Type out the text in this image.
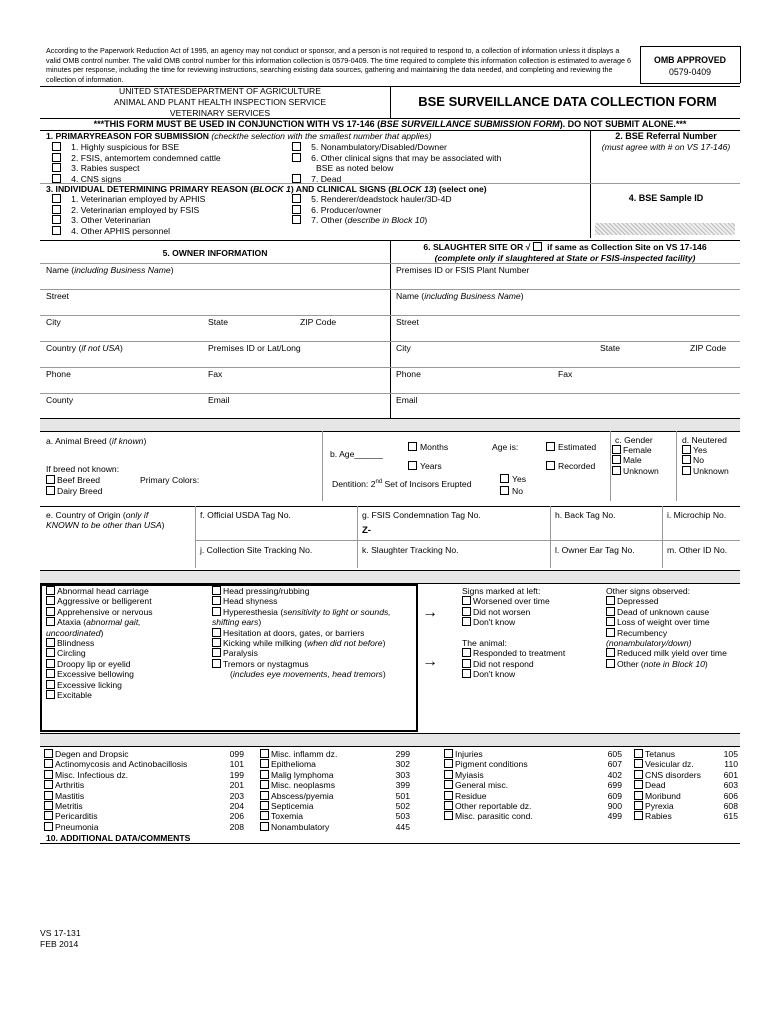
According to the Paperwork Reduction Act of 1995, an agency may not conduct or sponsor, and a person is not required to respond to, a collection of information unless it displays a valid OMB control number. The valid OMB control number for this information collection is 0579-0409. The time required to complete this information collection is estimated to average 6 minutes per response, including the time for reviewing instructions, searching existing data sources, gathering and maintaining the data needed, and completing and reviewing the collection of information.
OMB APPROVED
0579-0409
UNITED STATESDEPARTMENT OF AGRICULTURE
ANIMAL AND PLANT HEALTH INSPECTION SERVICE
VETERINARY SERVICES
BSE SURVEILLANCE DATA COLLECTION FORM
***THIS FORM MUST BE USED IN CONJUNCTION WITH VS 17-146 (BSE SURVEILLANCE SUBMISSION FORM). DO NOT SUBMIT ALONE.***
1. PRIMARYREASON FOR SUBMISSION (checkthe selection with the smallest number that applies)
1. Highly suspicious for BSE
2. FSIS, antemortem condemned cattle
3. Rabies suspect
4. CNS signs
5. Nonambulatory/Disabled/Downer
6. Other clinical signs that may be associated with
BSE as noted below
7. Dead
2. BSE Referral Number
(must agree with # on VS 17-146)
3. INDIVIDUAL DETERMINING PRIMARY REASON (BLOCK 1) AND CLINICAL SIGNS (BLOCK 13) (select one)
1. Veterinarian employed by APHIS
2. Veterinarian employed by FSIS
3. Other Veterinarian
4. Other APHIS personnel
5. Renderer/deadstock hauler/3D-4D
6. Producer/owner
7. Other (describe in Block 10)
4. BSE Sample ID
5. OWNER INFORMATION
6. SLAUGHTER SITE OR √  if same as Collection Site on VS 17-146
(complete only if slaughtered at State or FSIS-inspected facility)
Name (including Business Name)	Premises ID or FSIS Plant Number
Street	Name (including Business Name)
City	State	ZIP Code	Street
Country (if not USA)	Premises ID or Lat/Long	City	State	ZIP Code
Phone	Fax	Phone	Fax
County	Email	Email
a. Animal Breed (if known)
If breed not known:
Beef Breed
Dairy Breed
Primary Colors:
b. Age______
Months
Years
Age is:	Estimated
Recorded
Dentition: 2nd Set of Incisors Erupted	Yes
No
c. Gender
Female
Male
Unknown
d. Neutered
Yes
No
Unknown
e. Country of Origin (only if
KNOWN to be other than USA)
f. Official USDA Tag No.	g. FSIS Condemnation Tag No.
Z-
h. Back Tag No.	i. Microchip No.
j. Collection Site Tracking No.	k. Slaughter Tracking No.	l. Owner Ear Tag No.	m. Other ID No.
Abnormal head carriage
Aggressive or belligerent
Apprehensive or nervous
Ataxia (abnormal gait,
uncoordinated)
Blindness
Circling
Droopy lip or eyelid
Excessive bellowing
Excessive licking
Excitable
Head pressing/rubbing
Head shyness
Hyperesthesia (sensitivity to light or sounds,
shifting ears)
Hesitation at doors, gates, or barriers
Kicking while milking (when did not before)
Paralysis
Tremors or nystagmus
(includes eye movements, head tremors)
→
→
Signs marked at left:
Worsened over time
Did not worsen
Don't know
The animal:
Responded to treatment
Did not respond
Don't know
Other signs observed:
Depressed
Dead of unknown cause
Loss of weight over time
Recumbency
(nonambulatory/down)
Reduced milk yield over time
Other (note in Block 10)
Degen and Dropsic	099
Actinomycosis and Actinobacillosis	101
Misc. Infectious dz.	199
Arthritis	201
Mastitis	203
Metritis	204
Pericarditis	206
Pneumonia	208
Misc. inflamm dz.	299
Epithelioma	302
Malig lymphoma	303
Misc. neoplasms	399
Abscess/pyemia	501
Septicemia	502
Toxemia	503
Nonambulatory	445
Injuries	605
Pigment conditions	607
Myiasis	402
General misc.	699
Residue	609
Other reportable dz.	900
Misc. parasitic cond.	499
Tetanus	105
Vesicular dz.	110
CNS disorders	601
Dead	603
Moribund	606
Pyrexia	608
Rabies	615
10. ADDITIONAL DATA/COMMENTS
VS 17-131
FEB 2014
